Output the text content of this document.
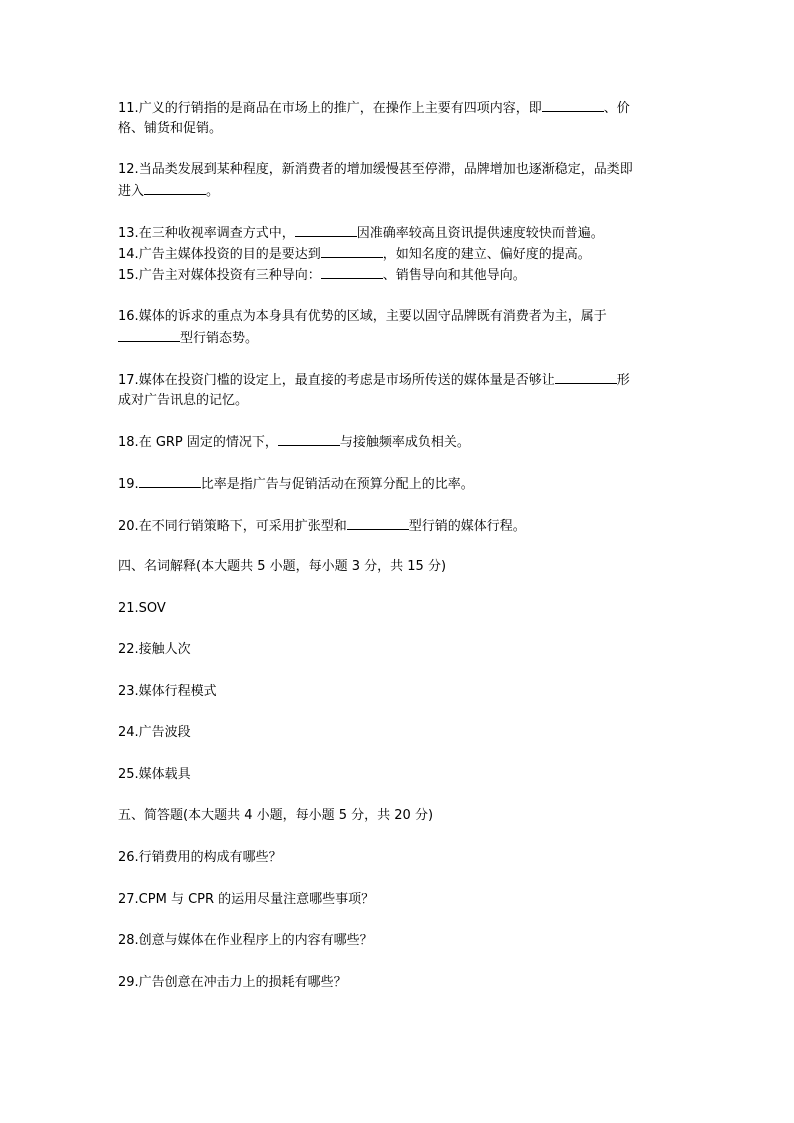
11.广义的行销指的是商品在市场上的推广，在操作上主要有四项内容，即	、价
格、铺货和促销。
12.当品类发展到某种程度，新消费者的增加缓慢甚至停滞，品牌增加也逐渐稳定，品类即
进入	。
13.在三种收视率调查方式中，	因准确率较高且资讯提供速度较快而普遍。
14.广告主媒体投资的目的是要达到	，如知名度的建立、偏好度的提高。
15.广告主对媒体投资有三种导向：	、销售导向和其他导向。
16.媒体的诉求的重点为本身具有优势的区域，主要以固守品牌既有消费者为主，属于
型行销态势。
17.媒体在投资门槛的设定上，最直接的考虑是市场所传送的媒体量是否够让	形
成对广告讯息的记忆。
18.在 GRP 固定的情况下，	与接触频率成负相关。
19.	比率是指广告与促销活动在预算分配上的比率。
20.在不同行销策略下，可采用扩张型和	型行销的媒体行程。
四、名词解释(本大题共 5 小题，每小题 3 分，共 15 分)
21.SOV
22.接触人次
23.媒体行程模式
24.广告波段
25.媒体载具
五、简答题(本大题共 4 小题，每小题 5 分，共 20 分)
26.行销费用的构成有哪些？
27.CPM 与 CPR 的运用尽量注意哪些事项？
28.创意与媒体在作业程序上的内容有哪些？
29.广告创意在冲击力上的损耗有哪些？
